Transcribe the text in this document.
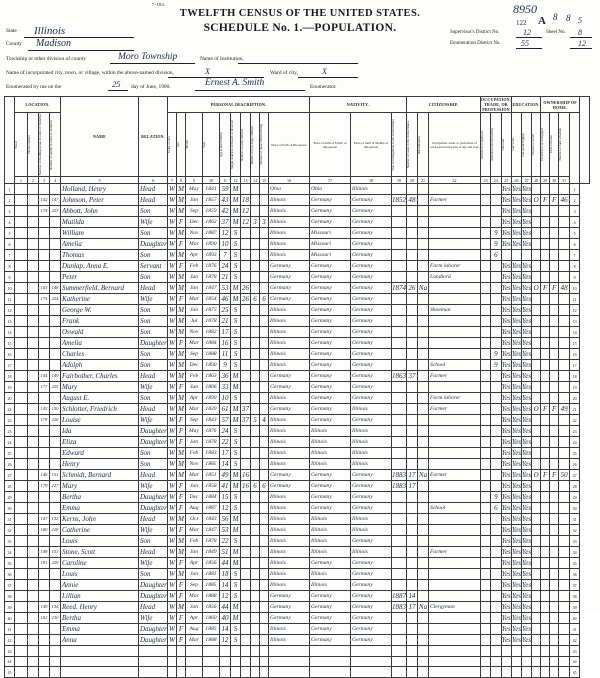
8950
122 A 8 8 5
7-184.
TWELFTH CENSUS OF THE UNITED STATES.
SCHEDULE No. 1.—POPULATION.	Supervisor's District No.	12	Sheet No. 8
Enumeration District No.	55	12
State Illinois
County Madison
Township or other division of county	Moro Township	Name of Institution,
Name of incorporated city, town, or village, within the above-named division,	X	Ward of city,	X
Enumerated by me on the	25 day of June, 1900.	Ernest A. Smith	Enumerator.
	LOCATION.				NAME	RELATION.	PERSONAL DESCRIPTION.										NATIVITY.			CITIZENSHIP.			OCCUPATION, TRADE, OR PROFESSION			EDUCATION.			OWNERSHIP OF HOME.				

	Street	House number	Number of dwelling-house in order of visitation	Number of family in order of visitation			Color or race	Sex	Month	Year	Age at last birthday	Single, married, widowed, or divorced	Number of years married	Mother of how many children	Number of these children living	Place of birth of this person	Place of birth of Father of this person	Place of birth of Mother of this person	Year of immigration to the United States	Number of years in the United States	Naturalization	Occupation, trade, or profession of each person ten years of age and over	Months not employed	Attended school (months)	Can read	Can write	Can speak English	Owned or rented	Owned free or mortgaged	Farm or house	Number of farm schedule		

	1	2	3	4	5	6	7	8	9	10	11	12	13	14	15	16	17	18	19	20	21	22	23	24	25	26	27	28	29	30	31		
1					Holland, Henry	Head	W	M	May	1841	59	M				Ohio	Ohio	Illinois							Yes	Yes	Yes					1	
2			142	147	Johnson, Peter	Head	W	M	Jan	1857	43	M	18			Illinois	Germany	Germany	1852	48		Farmer			Yes	Yes	Yes	O	F	F	46	2	
3			174	223	Abbott, John	Son	W	M	Sep	1859	42	M	12			Illinois	Germany	Germany							Yes	Yes	Yes					3	
4					Matilda	Wife	W	F	Dec	1862	37	M	12	3	3	Illinois	Germany	Germany							Yes	Yes	Yes					4	
5					William	Son	W	M	Nov	1887	12	S				Illinois	Missouri	Germany						9	Yes	Yes	Yes					5	
6					Amelia	Daughter	W	F	Mar	1890	10	S				Illinois	Missouri	Germany						9	Yes	Yes	Yes					6	
7					Thomas	Son	W	M	Apr	1893	7	S				Illinois	Missouri	Germany						6								7	
8					Dunlap, Anna E.	Servant	W	F	Feb	1876	24	S				Germany	Germany	Germany				Farm laborer			Yes	Yes	Yes					8	
9					Peter	Son	W	M	Jun	1878	21	S				Germany	Germany	Germany				Landlord			Yes	Yes	Yes					9	
10			143	148	Summerfield, Bernard	Head	W	M	Jan	1847	53	M	26			Germany	Germany	Germany	1874	26	Na				Yes	Yes	Yes	O	F	F	48	10	
11			175	224	Katherine	Wife	W	F	Mar	1854	46	M	26	6	6	Germany	Germany	Germany							Yes	Yes	Yes					11	
12					George W.	Son	W	M	Jan	1875	25	S				Illinois	Germany	Germany				Shoeman			Yes	Yes	Yes					12	
13					Frank	Son	W	M	Jul	1878	21	S				Illinois	Germany	Germany							Yes	Yes	Yes					13	
14					Oswald	Son	W	M	Nov	1882	17	S				Illinois	Germany	Germany							Yes	Yes	Yes					14	
15					Amelia	Daughter	W	F	Mar	1884	16	S				Illinois	Germany	Germany							Yes	Yes	Yes					15	
16					Charles	Son	W	M	Sep	1888	11	S				Illinois	Germany	Germany						9	Yes	Yes	Yes					16	
17					Adolph	Son	W	M	Dec	1890	9	S				Illinois	Germany	Germany				School		9	Yes	Yes	Yes					17	
18			144	149	Fairbother, Charles	Head	W	M	Feb	1863	36	M				Germany	Germany	Germany	1863	37		Farmer			Yes	Yes	Yes					18	
19			177	225	Mary	Wife	W	F	Jun	1866	33	M				Germany	Germany	Germany							Yes	Yes	Yes					19	
20					August E.	Son	W	M	Apr	1890	10	S				Illinois	Germany	Germany				Farm laborer			Yes	Yes	Yes					20	
21			145	150	Schlotter, Friedrich	Head	W	M	Mar	1839	61	M	37			Germany	Germany	Illinois				Farmer			Yes	Yes	Yes	O	F	F	49	21	
22			178	226	Louise	Wife	W	F	Sep	1843	57	M	37	5	4	Illinois	Germany	Germany							Yes	Yes	Yes					22	
23					Ida	Daughter	W	F	May	1876	24	S				Illinois	Illinois	Illinois							Yes	Yes	Yes					23	
24					Eliza	Daughter	W	F	Jan	1878	22	S				Illinois	Illinois	Illinois							Yes	Yes	Yes					24	
25					Edward	Son	W	M	Feb	1883	17	S				Illinois	Illinois	Illinois							Yes	Yes	Yes					25	
26					Henry	Son	W	M	Nov	1885	14	S				Illinois	Illinois	Illinois							Yes	Yes	Yes					26	
27			146	151	Schmidt, Bernard	Head	W	M	Mar	1851	49	M	16			Germany	Germany	Germany	1883	17	Na	Farmer			Yes	Yes	Yes	O	F	F	50	27	
28			179	227	Mary	Wife	W	F	Jun	1858	41	M	16	6	6	Germany	Germany	Germany	1883	17					Yes	Yes	Yes					28	
29					Bertha	Daughter	W	F	Dec	1884	15	S				Illinois	Germany	Germany						9	Yes	Yes	Yes					29	
30					Emma	Daughter	W	F	Aug	1887	12	S				Illinois	Germany	Germany				School		6	Yes	Yes	Yes					30	
31			147	152	Kerns, John	Head	W	M	Oct	1843	56	M				Illinois	Illinois	Illinois							Yes	Yes	Yes					31	
32			180	228	Catherine	Wife	W	F	Mar	1847	53	M				Illinois	Illinois	Illinois							Yes	Yes	Yes					32	
33					Louis	Son	W	M	Feb	1878	22	S				Illinois	Illinois	Germany							Yes	Yes	Yes					33	
34			148	153	Stone, Scott	Head	W	M	Jan	1849	51	M				Illinois	Illinois	Illinois				Farmer			Yes	Yes	Yes					34	
35			181	229	Caroline	Wife	W	F	Apr	1856	44	M				Illinois	Germany	Germany							Yes	Yes	Yes					35	
36					Louis	Son	W	M	Jun	1881	18	S				Illinois	Illinois	Germany							Yes	Yes	Yes					36	
37					Annie	Daughter	W	F	Sep	1885	14	S				Illinois	Illinois	Germany							Yes	Yes	Yes					37	
38					Lillian	Daughter	W	F	Mar	1888	12	S				Germany	Germany	Germany	1887	14					Yes	Yes	Yes					38	
39			149	154	Reed, Henry	Head	W	M	Jan	1856	44	M				Germany	Germany	Germany	1883	17	Na	Clergyman			Yes	Yes	Yes					39	
40			182	230	Bertha	Wife	W	F	Apr	1860	40	M				Germany	Germany	Germany							Yes	Yes	Yes					40	
41					Emma	Daughter	W	F	Aug	1885	14	S				Illinois	Germany	Germany							Yes	Yes	Yes					41	
42					Anna	Daughter	W	F	Mar	1888	12	S				Illinois	Germany	Germany							Yes	Yes	Yes					42	
43																																43	
44																																44	
45																																45	
